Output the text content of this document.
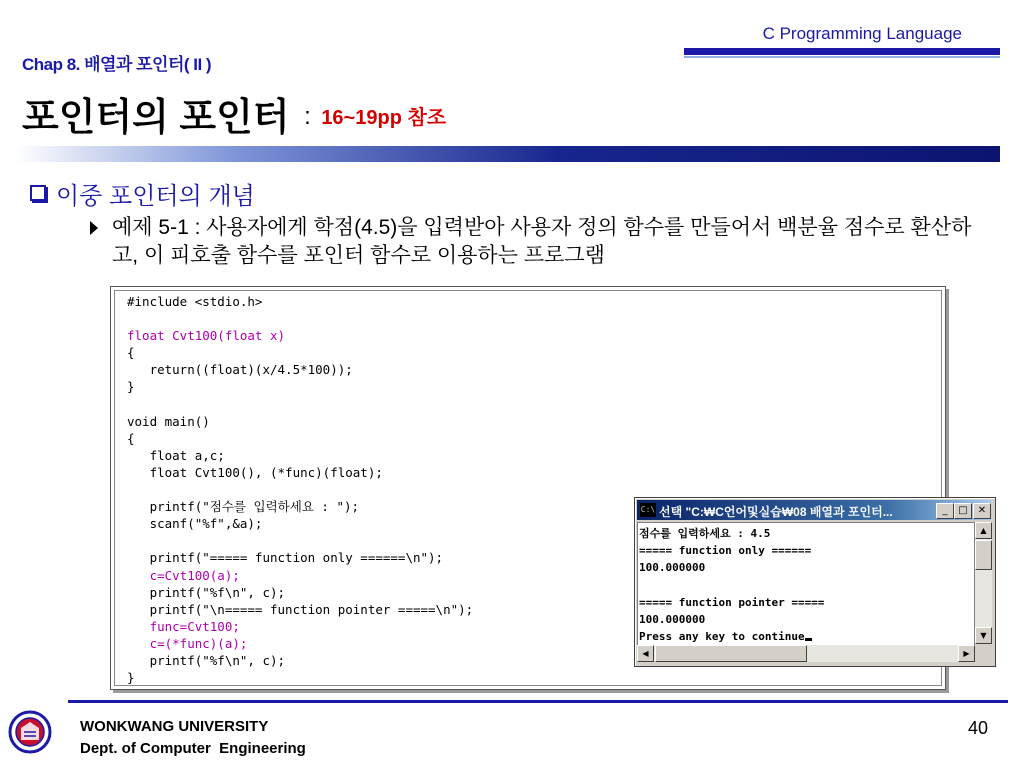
C Programming Language
Chap 8. 배열과 포인터( II )
포인터의 포인터 : 16~19pp 참조
이중 포인터의 개념
예제 5-1 : 사용자에게 학점(4.5)을 입력받아 사용자 정의 함수를 만들어서 백분율 점수로 환산하고, 이 피호출 함수를 포인터 함수로 이용하는 프로그램
#include <stdio.h>
float Cvt100(float x)
{
return((float)(x/4.5*100));
}
void main()
{
float a,c;
float Cvt100(), (*func)(float);
printf("점수를 입력하세요 : ");
scanf("%f",&a);
printf("===== function only ======\n");
c=Cvt100(a);
printf("%f\n", c);
printf("\n===== function pointer =====\n");
func=Cvt100;
c=(*func)(a);
printf("%f\n", c);
}
C:\ 선택 "C:₩C언어및실습₩08 배열과 포인터...	_	□	✕
점수를 입력하세요 : 4.5
===== function only ======
100.000000
===== function pointer =====
100.000000
Press any key to continue
▲
▼
◀	▶
WONKWANG UNIVERSITY
Dept. of Computer  Engineering
40
